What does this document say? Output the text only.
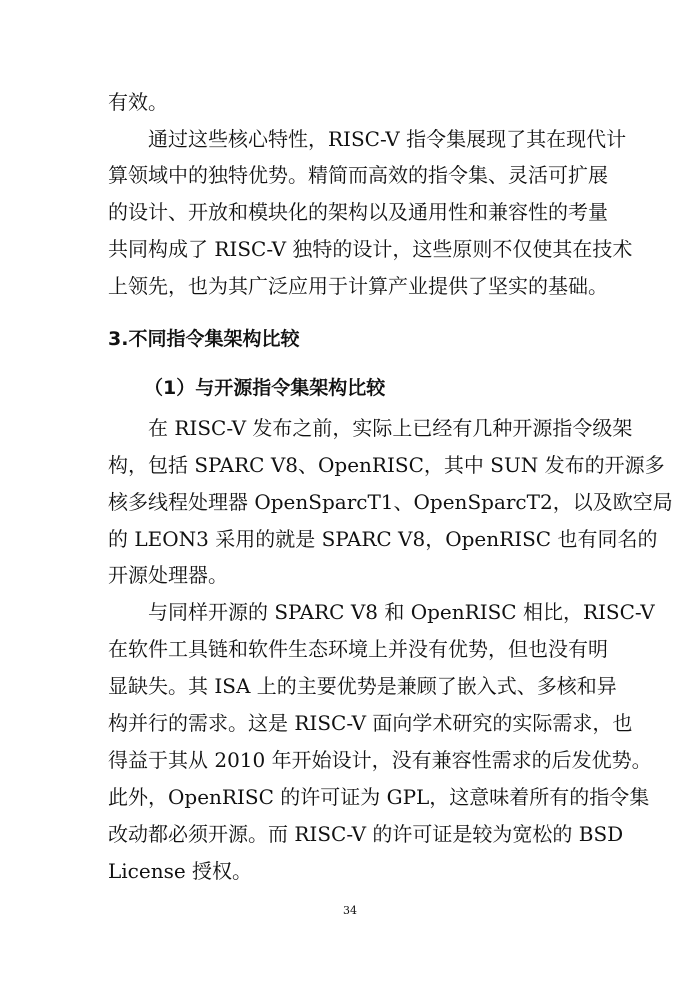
有效。
通过这些核心特性，RISC-V 指令集展现了其在现代计
算领域中的独特优势。精简而高效的指令集、灵活可扩展
的设计、开放和模块化的架构以及通用性和兼容性的考量
共同构成了 RISC-V 独特的设计，这些原则不仅使其在技术
上领先，也为其广泛应用于计算产业提供了坚实的基础。
3.不同指令集架构比较
（1）与开源指令集架构比较
在 RISC-V 发布之前，实际上已经有几种开源指令级架
构，包括 SPARC V8、OpenRISC，其中 SUN 发布的开源多
核多线程处理器 OpenSparcT1、OpenSparcT2，以及欧空局
的 LEON3 采用的就是 SPARC V8，OpenRISC 也有同名的
开源处理器。
与同样开源的 SPARC V8 和 OpenRISC 相比，RISC-V
在软件工具链和软件生态环境上并没有优势，但也没有明
显缺失。其 ISA 上的主要优势是兼顾了嵌入式、多核和异
构并行的需求。这是 RISC-V 面向学术研究的实际需求，也
得益于其从 2010 年开始设计，没有兼容性需求的后发优势。
此外，OpenRISC 的许可证为 GPL，这意味着所有的指令集
改动都必须开源。而 RISC-V 的许可证是较为宽松的 BSD
License 授权。
34
